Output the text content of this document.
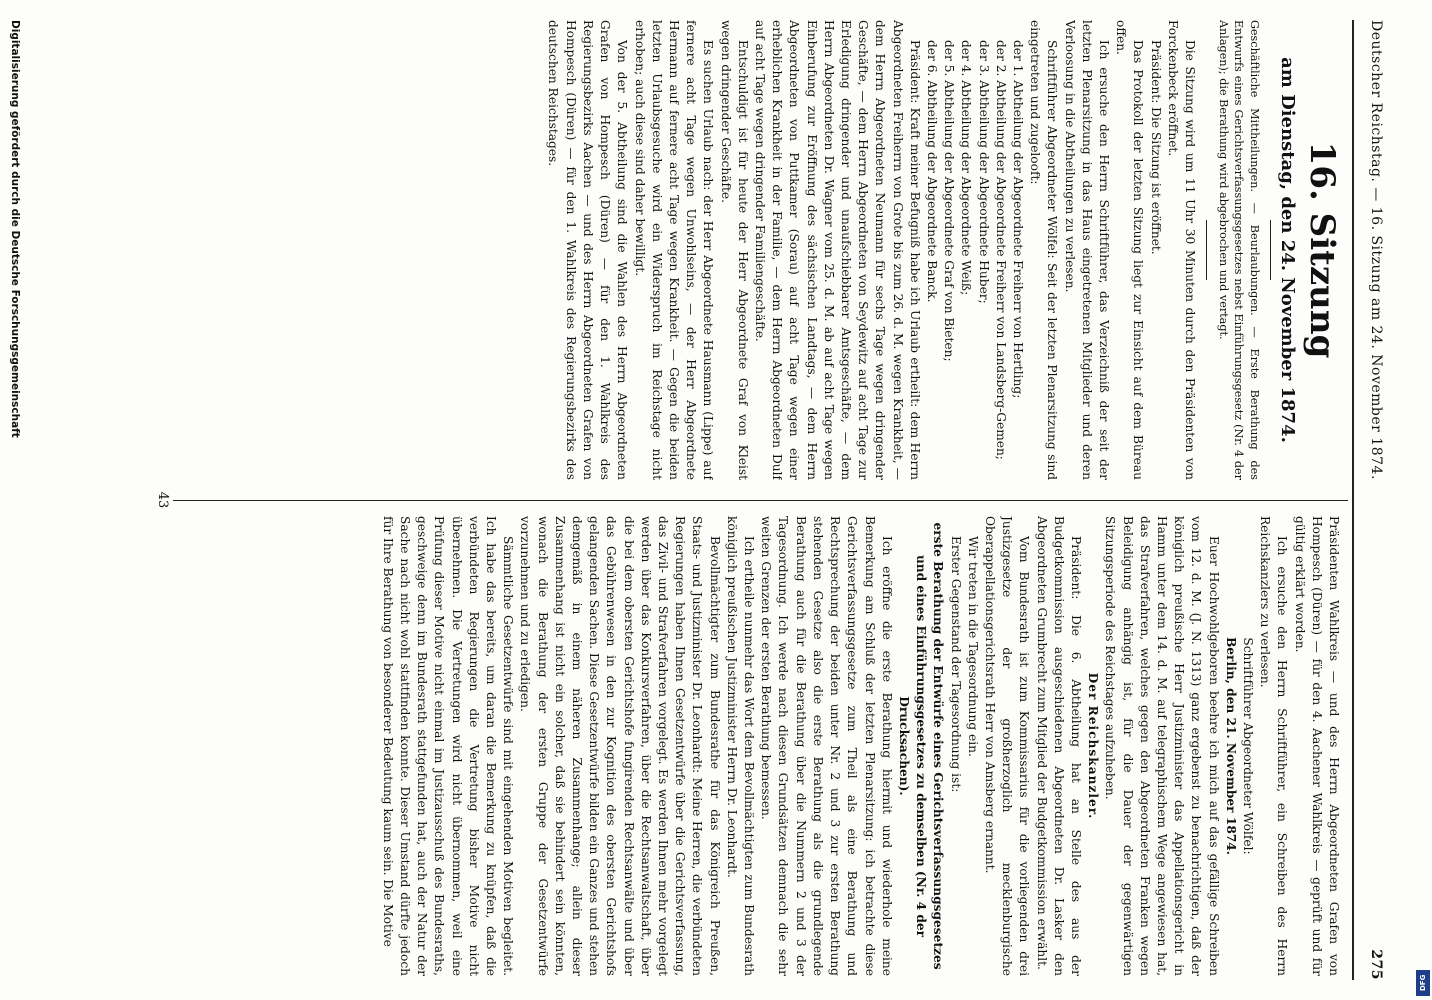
Deutscher Reichstag. — 16. Sitzung am 24. November 1874.
275
16. Sitzung
am Dienstag, den 24. November 1874.

Geschäftliche Mittheilungen. — Beurlaubungen. — Erste Berathung des Entwurfs eines Gerichtsverfassungsgesetzes nebst Einführungsgesetz (Nr. 4 der Anlagen); die Berathung wird abgebrochen und vertagt.

Die Sitzung wird um 11 Uhr 30 Minuten durch den Präsidenten von Forckenbeck eröffnet.

Präsident: Die Sitzung ist eröffnet.

Das Protokoll der letzten Sitzung liegt zur Einsicht auf dem Büreau offen.

Ich ersuche den Herrn Schriftführer, das Verzeichniß der seit der letzten Plenarsitzung in das Haus eingetretenen Mitglieder und deren Verloosung in die Abtheilungen zu verlesen.

Schriftführer Abgeordneter Wölfel: Seit der letzten Plenarsitzung sind eingetreten und zugelooft:

der 1. Abtheilung der Abgeordnete Freiherr von Hertling;

der 2. Abtheilung der Abgeordnete Freiherr von Landsberg-Gemen;

der 3. Abtheilung der Abgeordnete Huber;

der 4. Abtheilung der Abgeordnete Weiß;

der 5. Abtheilung der Abgeordnete Graf von Bieten;

der 6. Abtheilung der Abgeordnete Banck.

Präsident: Kraft meiner Befugniß habe ich Urlaub ertheilt: dem Herrn Abgeordneten Freiherrn von Grote bis zum 26. d. M. wegen Krankheit, — dem Herrn Abgeordneten Neumann für sechs Tage wegen dringender Geschäfte, — dem Herrn Abgeordneten von Seydewitz auf acht Tage zur Erledigung dringender und unaufschiebbarer Amtsgeschäfte, — dem Herrn Abgeordneten Dr. Wagner vom 25. d. M. ab auf acht Tage wegen Einberufung zur Eröffnung des sächsischen Landtags, — dem Herrn Abgeordneten von Puttkamer (Sorau) auf acht Tage wegen einer erheblichen Krankheit in der Familie, — dem Herrn Abgeordneten Dulf auf acht Tage wegen dringender Familiengeschäfte.

Entschuldigt ist für heute der Herr Abgeordnete Graf von Kleist wegen dringender Geschäfte.

Es suchen Urlaub nach: der Herr Abgeordnete Hausmann (Lippe) auf fernere acht Tage wegen Unwohlseins, — der Herr Abgeordnete Hermann auf fernere acht Tage wegen Krankheit. — Gegen die beiden letzten Urlaubsgesuche wird ein Widerspruch im Reichstage nicht erhoben; auch diese sind daher bewilligt.

Von der 5. Abtheilung sind die Wahlen des Herrn Abgeordneten Grafen von Hompesch (Düren) — für den 1. Wahlkreis des Regierungsbezirks Aachen — und des Herrn Abgeordneten Grafen von Hompesch (Düren) — für den 1. Wahlkreis des Regierungsbezirks des deutschen Reichstages.

Präsidenten Wahlkreis — und des Herrn Abgeordneten Grafen von Hompesch (Düren) — für den 4. Aachener Wahlkreis — geprüft und für gültig erklärt worden.

Ich ersuche den Herrn Schriftführer, ein Schreiben des Herrn Reichskanzlers zu verlesen.

Schriftführer Abgeordneter Wölfel:

Berlin, den 21. November 1874.

Euer Hochwohlgeboren beehre ich mich auf das gefällige Schreiben vom 12. d. M. (J. N. 1313) ganz ergebenst zu benachrichtigen, daß der königlich preußische Herr Justizminister das Appellationsgericht in Hamm unter dem 14. d. M. auf telegraphischem Wege angewiesen hat, das Strafverfahren, welches gegen den Abgeordneten Franken wegen Beleidigung anhängig ist, für die Dauer der gegenwärtigen Sitzungsperiode des Reichstages aufzuheben.

Der Reichskanzler.

Präsident: Die 6. Abtheilung hat an Stelle des aus der Budgetkommission ausgeschiedenen Abgeordneten Dr. Lasker den Abgeordneten Grumbrecht zum Mitglied der Budgetkommission erwählt.

Vom Bundesrath ist zum Kommissarius für die vorliegenden drei Justizgesetze der großherzoglich mecklenburgische Oberappellationsgerichtsrath Herr von Amsberg ernannt.

Wir treten in die Tagesordnung ein.

Erster Gegenstand der Tagesordnung ist:

erste Berathung der Entwürfe eines Gerichtsverfassungsgesetzes und eines Einführungsgesetzes zu demselben (Nr. 4 der Drucksachen).

Ich eröffne die erste Berathung hiermit und wiederhole meine Bemerkung am Schluß der letzten Plenarsitzung: ich betrachte diese Gerichtsverfassungsgesetze zum Theil als eine Berathung und Rechtsprechung der beiden unter Nr. 2 und 3 zur ersten Berathung stehenden Gesetze also die erste Berathung als die grundlegende Berathung auch für die Berathung über die Nummern 2 und 3 der Tagesordnung. Ich werde nach diesen Grundsätzen demnach die sehr weiten Grenzen der ersten Berathung bemessen.

Ich ertheile nunmehr das Wort dem Bevollmächtigten zum Bundesrath königlich preußischen Justizminister Herrn Dr. Leonhardt.

Bevollmächtigter zum Bundesrathe für das Königreich Preußen, Staats- und Justizminister Dr. Leonhardt: Meine Herren, die verbündeten Regierungen haben Ihnen Gesetzentwürfe über die Gerichtsverfassung, das Zivil- und Strafverfahren vorgelegt. Es werden Ihnen mehr vorgelegt werden über das Konkursverfahren, über die Rechtsanwaltschaft, über die bei dem obersten Gerichtshofe fungirenden Rechtsanwälte und über das Gebührenwesen in den zur Kognition des obersten Gerichtshofs gelangenden Sachen. Diese Gesetzentwürfe bilden ein Ganzes und stehen demgemäß in einem näheren Zusammenhange; allein dieser Zusammenhang ist nicht ein solcher, daß sie behindert sein könnten, wonach die Berathung der ersten Gruppe der Gesetzentwürfe vorzunehmen und zu erledigen.

Sämmtliche Gesetzentwürfe sind mit eingehenden Motiven begleitet. Ich habe das bereits, um daran die Bemerkung zu knüpfen, daß die verbündeten Regierungen die Vertretung bisher Motive nicht übernehmen. Die Vertretungen wird nicht übernommen, weil eine Prüfung dieser Motive nicht einmal im Justizausschuß des Bundesraths, geschweige denn im Bundesrath stattgefunden hat, auch der Natur der Sache nach nicht wohl stattfinden konnte. Dieser Umstand dürfte jedoch für Ihre Berathung von besonderer Bedeutung kaum sein. Die Motive

43
Digitalisierung gefördert durch die Deutsche Forschungsgemeinschaft
DFG
